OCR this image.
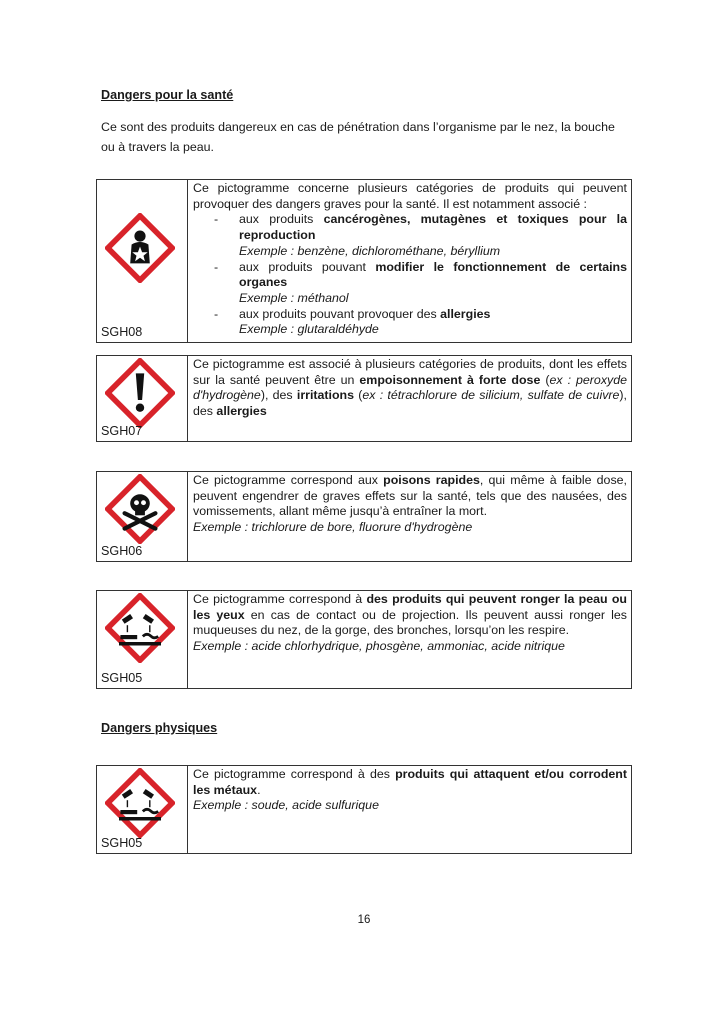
Dangers pour la santé
Ce sont des produits dangereux en cas de pénétration dans l’organisme par le nez, la bouche ou à travers la peau.
SGH08

Ce pictogramme concerne plusieurs catégories de produits qui peuvent provoquer des dangers graves pour la santé. Il est notamment associé :

- aux produits cancérogènes, mutagènes et toxiques pour la reproduction
Exemple : benzène, dichlorométhane, béryllium
- aux produits pouvant modifier le fonctionnement de certains organes
Exemple : méthanol
- aux produits pouvant provoquer des allergies
Exemple : glutaraldéhyde
SGH07

Ce pictogramme est associé à plusieurs catégories de produits, dont les effets sur la santé peuvent être un empoisonnement à forte dose (ex : peroxyde d'hydrogène), des irritations (ex : tétrachlorure de silicium, sulfate de cuivre), des allergies

SGH06

Ce pictogramme correspond aux poisons rapides, qui même à faible dose, peuvent engendrer de graves effets sur la santé, tels que des nausées, des vomissements, allant même jusqu’à entraîner la mort.
Exemple : trichlorure de bore, fluorure d'hydrogène

SGH05

Ce pictogramme correspond à des produits qui peuvent ronger la peau ou les yeux en cas de contact ou de projection. Ils peuvent aussi ronger les muqueuses du nez, de la gorge, des bronches, lorsqu’on les respire.
Exemple : acide chlorhydrique, phosgène, ammoniac, acide nitrique

Dangers physiques
SGH05

Ce pictogramme correspond à des produits qui attaquent et/ou corrodent les métaux.
Exemple : soude, acide sulfurique

16
